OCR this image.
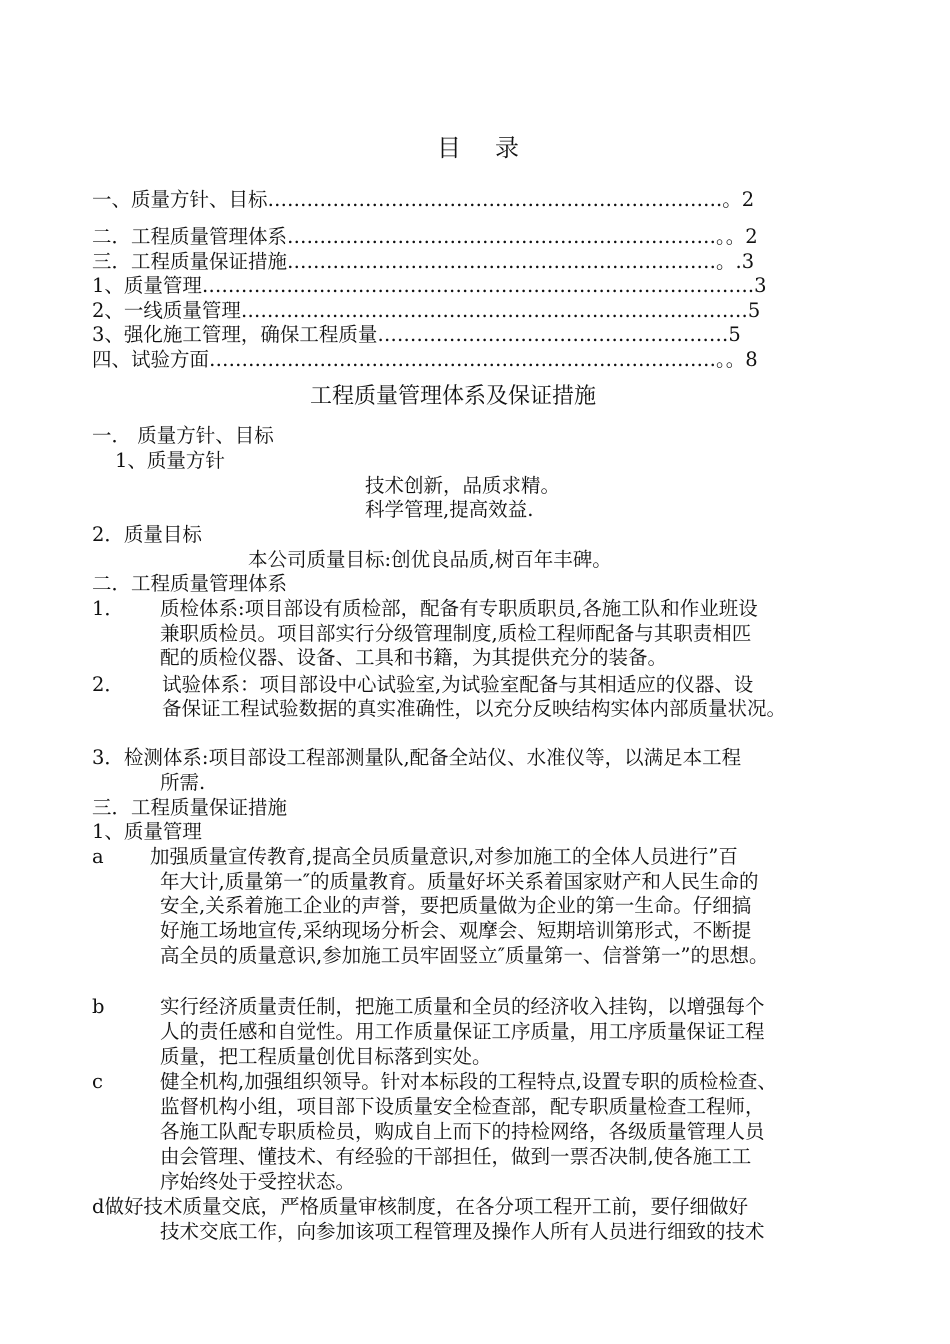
目录
一、质量方针、目标…………………………………………………………….。2
二．工程质量管理体系…………………………………………………………。。2
三．工程质量保证措施…………………………………………………………。.3
1、质量管理………………………………………………………………………….3
2、一线质量管理……………………………………………………………………5
3、强化施工管理，确保工程质量………………………………………………5
四、试验方面……………………………………………………………………。。8
工程质量管理体系及保证措施
一． 质量方针、目标
1、质量方针
技术创新，品质求精。
科学管理,提高效益.
2．质量目标
本公司质量目标:创优良品质,树百年丰碑。
二．工程质量管理体系
1． 质检体系:项目部设有质检部，配备有专职质职员,各施工队和作业班设
兼职质检员。项目部实行分级管理制度,质检工程师配备与其职责相匹
配的质检仪器、设备、工具和书籍，为其提供充分的装备。
2． 试验体系：项目部设中心试验室,为试验室配备与其相适应的仪器、设
备保证工程试验数据的真实准确性，以充分反映结构实体内部质量状况。
3．检测体系:项目部设工程部测量队,配备全站仪、水准仪等，以满足本工程
所需.
三．工程质量保证措施
1、质量管理
a 加强质量宣传教育,提高全员质量意识,对参加施工的全体人员进行”百
年大计,质量第一″的质量教育。质量好坏关系着国家财产和人民生命的
安全,关系着施工企业的声誉，要把质量做为企业的第一生命。仔细搞
好施工场地宣传,采纳现场分析会、观摩会、短期培训第形式，不断提
高全员的质量意识,参加施工员牢固竖立″质量第一、信誉第一”的思想。
b	实行经济质量责任制，把施工质量和全员的经济收入挂钩，以增强每个
人的责任感和自觉性。用工作质量保证工序质量，用工序质量保证工程
质量，把工程质量创优目标落到实处。
c	健全机构,加强组织领导。针对本标段的工程特点,设置专职的质检检查、
监督机构小组，项目部下设质量安全检查部，配专职质量检查工程师，
各施工队配专职质检员，购成自上而下的持检网络，各级质量管理人员
由会管理、懂技术、有经验的干部担任，做到一票否决制,使各施工工
序始终处于受控状态。
d做好技术质量交底，严格质量审核制度，在各分项工程开工前，要仔细做好
技术交底工作，向参加该项工程管理及操作人所有人员进行细致的技术
